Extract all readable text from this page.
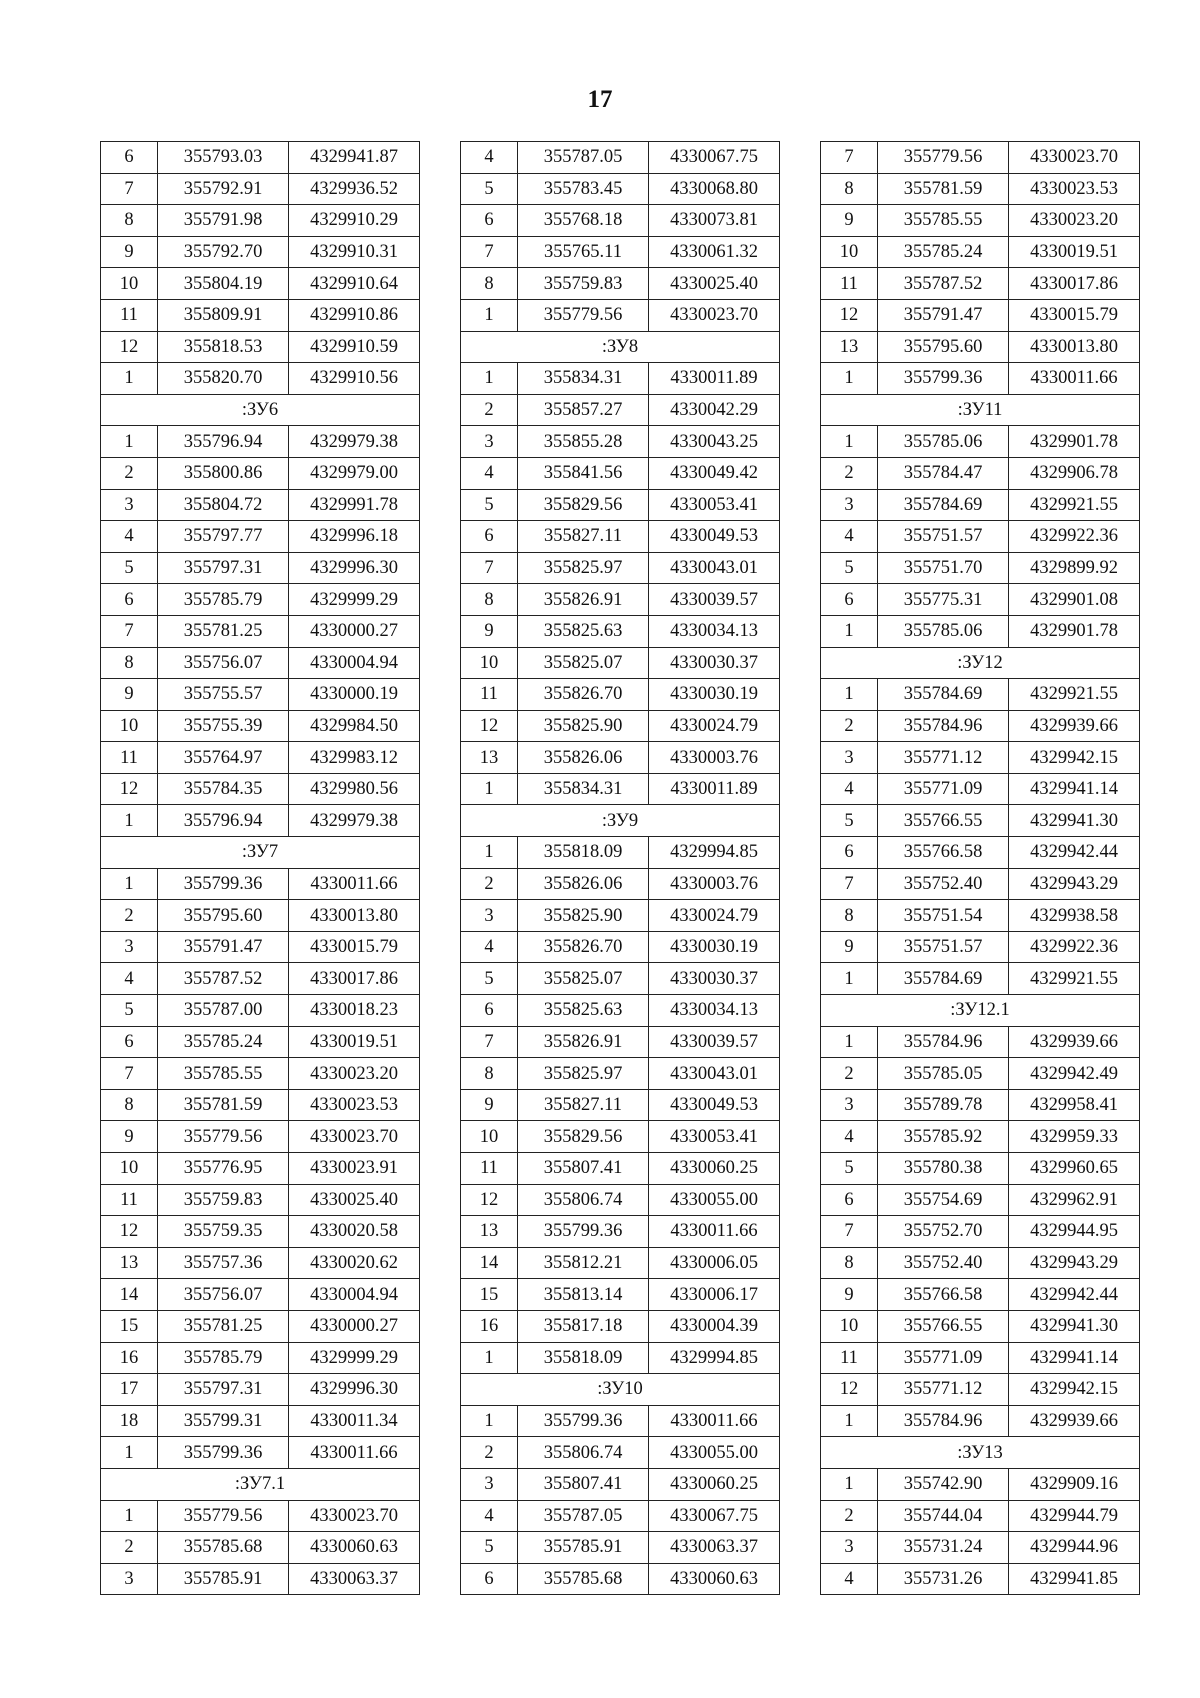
17
6	355793.03	4329941.87
7	355792.91	4329936.52
8	355791.98	4329910.29
9	355792.70	4329910.31
10	355804.19	4329910.64
11	355809.91	4329910.86
12	355818.53	4329910.59
1	355820.70	4329910.56
:ЗУ6		
1	355796.94	4329979.38
2	355800.86	4329979.00
3	355804.72	4329991.78
4	355797.77	4329996.18
5	355797.31	4329996.30
6	355785.79	4329999.29
7	355781.25	4330000.27
8	355756.07	4330004.94
9	355755.57	4330000.19
10	355755.39	4329984.50
11	355764.97	4329983.12
12	355784.35	4329980.56
1	355796.94	4329979.38
:ЗУ7		
1	355799.36	4330011.66
2	355795.60	4330013.80
3	355791.47	4330015.79
4	355787.52	4330017.86
5	355787.00	4330018.23
6	355785.24	4330019.51
7	355785.55	4330023.20
8	355781.59	4330023.53
9	355779.56	4330023.70
10	355776.95	4330023.91
11	355759.83	4330025.40
12	355759.35	4330020.58
13	355757.36	4330020.62
14	355756.07	4330004.94
15	355781.25	4330000.27
16	355785.79	4329999.29
17	355797.31	4329996.30
18	355799.31	4330011.34
1	355799.36	4330011.66
:ЗУ7.1		
1	355779.56	4330023.70
2	355785.68	4330060.63
3	355785.91	4330063.37
4	355787.05	4330067.75
5	355783.45	4330068.80
6	355768.18	4330073.81
7	355765.11	4330061.32
8	355759.83	4330025.40
1	355779.56	4330023.70
:ЗУ8		
1	355834.31	4330011.89
2	355857.27	4330042.29
3	355855.28	4330043.25
4	355841.56	4330049.42
5	355829.56	4330053.41
6	355827.11	4330049.53
7	355825.97	4330043.01
8	355826.91	4330039.57
9	355825.63	4330034.13
10	355825.07	4330030.37
11	355826.70	4330030.19
12	355825.90	4330024.79
13	355826.06	4330003.76
1	355834.31	4330011.89
:ЗУ9		
1	355818.09	4329994.85
2	355826.06	4330003.76
3	355825.90	4330024.79
4	355826.70	4330030.19
5	355825.07	4330030.37
6	355825.63	4330034.13
7	355826.91	4330039.57
8	355825.97	4330043.01
9	355827.11	4330049.53
10	355829.56	4330053.41
11	355807.41	4330060.25
12	355806.74	4330055.00
13	355799.36	4330011.66
14	355812.21	4330006.05
15	355813.14	4330006.17
16	355817.18	4330004.39
1	355818.09	4329994.85
:ЗУ10		
1	355799.36	4330011.66
2	355806.74	4330055.00
3	355807.41	4330060.25
4	355787.05	4330067.75
5	355785.91	4330063.37
6	355785.68	4330060.63
7	355779.56	4330023.70
8	355781.59	4330023.53
9	355785.55	4330023.20
10	355785.24	4330019.51
11	355787.52	4330017.86
12	355791.47	4330015.79
13	355795.60	4330013.80
1	355799.36	4330011.66
:ЗУ11		
1	355785.06	4329901.78
2	355784.47	4329906.78
3	355784.69	4329921.55
4	355751.57	4329922.36
5	355751.70	4329899.92
6	355775.31	4329901.08
1	355785.06	4329901.78
:ЗУ12		
1	355784.69	4329921.55
2	355784.96	4329939.66
3	355771.12	4329942.15
4	355771.09	4329941.14
5	355766.55	4329941.30
6	355766.58	4329942.44
7	355752.40	4329943.29
8	355751.54	4329938.58
9	355751.57	4329922.36
1	355784.69	4329921.55
:ЗУ12.1		
1	355784.96	4329939.66
2	355785.05	4329942.49
3	355789.78	4329958.41
4	355785.92	4329959.33
5	355780.38	4329960.65
6	355754.69	4329962.91
7	355752.70	4329944.95
8	355752.40	4329943.29
9	355766.58	4329942.44
10	355766.55	4329941.30
11	355771.09	4329941.14
12	355771.12	4329942.15
1	355784.96	4329939.66
:ЗУ13		
1	355742.90	4329909.16
2	355744.04	4329944.79
3	355731.24	4329944.96
4	355731.26	4329941.85
